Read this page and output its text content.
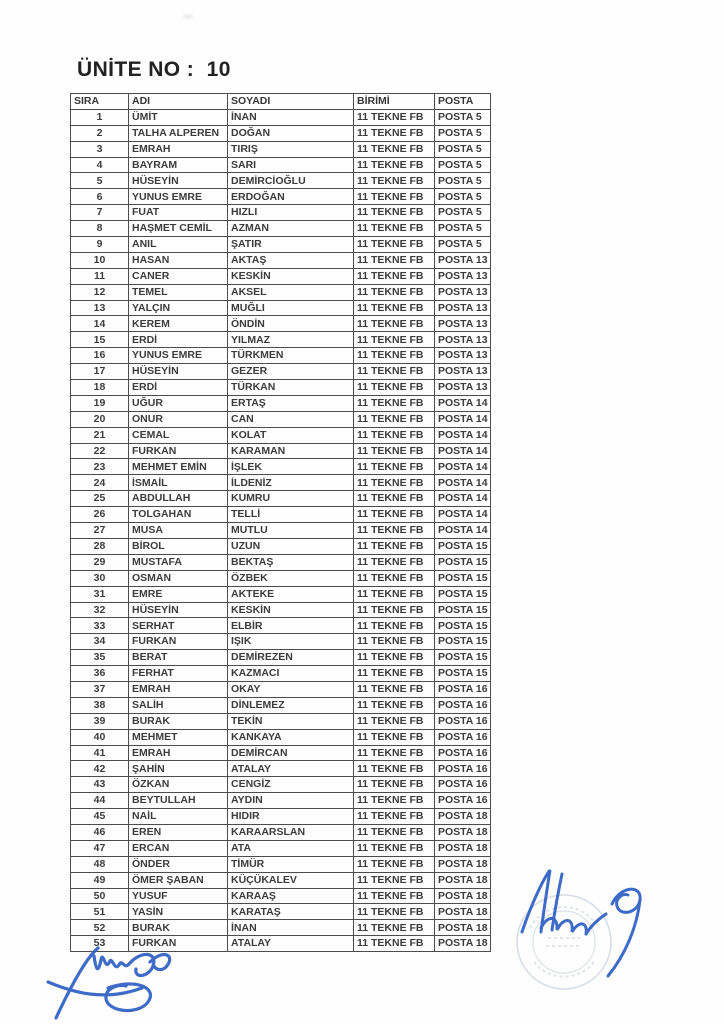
ÜNİTE NO :  10
SIRA	ADI	SOYADI	BİRİMİ	POSTA
1	ÜMİT	İNAN	11 TEKNE FB	POSTA 5
2	TALHA ALPEREN	DOĞAN	11 TEKNE FB	POSTA 5
3	EMRAH	TIRIŞ	11 TEKNE FB	POSTA 5
4	BAYRAM	SARI	11 TEKNE FB	POSTA 5
5	HÜSEYİN	DEMİRCİOĞLU	11 TEKNE FB	POSTA 5
6	YUNUS EMRE	ERDOĞAN	11 TEKNE FB	POSTA 5
7	FUAT	HIZLI	11 TEKNE FB	POSTA 5
8	HAŞMET CEMİL	AZMAN	11 TEKNE FB	POSTA 5
9	ANIL	ŞATIR	11 TEKNE FB	POSTA 5
10	HASAN	AKTAŞ	11 TEKNE FB	POSTA 13
11	CANER	KESKİN	11 TEKNE FB	POSTA 13
12	TEMEL	AKSEL	11 TEKNE FB	POSTA 13
13	YALÇIN	MUĞLI	11 TEKNE FB	POSTA 13
14	KEREM	ÖNDİN	11 TEKNE FB	POSTA 13
15	ERDİ	YILMAZ	11 TEKNE FB	POSTA 13
16	YUNUS EMRE	TÜRKMEN	11 TEKNE FB	POSTA 13
17	HÜSEYİN	GEZER	11 TEKNE FB	POSTA 13
18	ERDİ	TÜRKAN	11 TEKNE FB	POSTA 13
19	UĞUR	ERTAŞ	11 TEKNE FB	POSTA 14
20	ONUR	CAN	11 TEKNE FB	POSTA 14
21	CEMAL	KOLAT	11 TEKNE FB	POSTA 14
22	FURKAN	KARAMAN	11 TEKNE FB	POSTA 14
23	MEHMET EMİN	İŞLEK	11 TEKNE FB	POSTA 14
24	İSMAİL	İLDENİZ	11 TEKNE FB	POSTA 14
25	ABDULLAH	KUMRU	11 TEKNE FB	POSTA 14
26	TOLGAHAN	TELLİ	11 TEKNE FB	POSTA 14
27	MUSA	MUTLU	11 TEKNE FB	POSTA 14
28	BİROL	UZUN	11 TEKNE FB	POSTA 15
29	MUSTAFA	BEKTAŞ	11 TEKNE FB	POSTA 15
30	OSMAN	ÖZBEK	11 TEKNE FB	POSTA 15
31	EMRE	AKTEKE	11 TEKNE FB	POSTA 15
32	HÜSEYİN	KESKİN	11 TEKNE FB	POSTA 15
33	SERHAT	ELBİR	11 TEKNE FB	POSTA 15
34	FURKAN	IŞIK	11 TEKNE FB	POSTA 15
35	BERAT	DEMİREZEN	11 TEKNE FB	POSTA 15
36	FERHAT	KAZMACI	11 TEKNE FB	POSTA 15
37	EMRAH	OKAY	11 TEKNE FB	POSTA 16
38	SALİH	DİNLEMEZ	11 TEKNE FB	POSTA 16
39	BURAK	TEKİN	11 TEKNE FB	POSTA 16
40	MEHMET	KANKAYA	11 TEKNE FB	POSTA 16
41	EMRAH	DEMİRCAN	11 TEKNE FB	POSTA 16
42	ŞAHİN	ATALAY	11 TEKNE FB	POSTA 16
43	ÖZKAN	CENGİZ	11 TEKNE FB	POSTA 16
44	BEYTULLAH	AYDIN	11 TEKNE FB	POSTA 16
45	NAİL	HIDIR	11 TEKNE FB	POSTA 18
46	EREN	KARAARSLAN	11 TEKNE FB	POSTA 18
47	ERCAN	ATA	11 TEKNE FB	POSTA 18
48	ÖNDER	TİMÜR	11 TEKNE FB	POSTA 18
49	ÖMER ŞABAN	KÜÇÜKALEV	11 TEKNE FB	POSTA 18
50	YUSUF	KARAAŞ	11 TEKNE FB	POSTA 18
51	YASİN	KARATAŞ	11 TEKNE FB	POSTA 18
52	BURAK	İNAN	11 TEKNE FB	POSTA 18
53	FURKAN	ATALAY	11 TEKNE FB	POSTA 18
